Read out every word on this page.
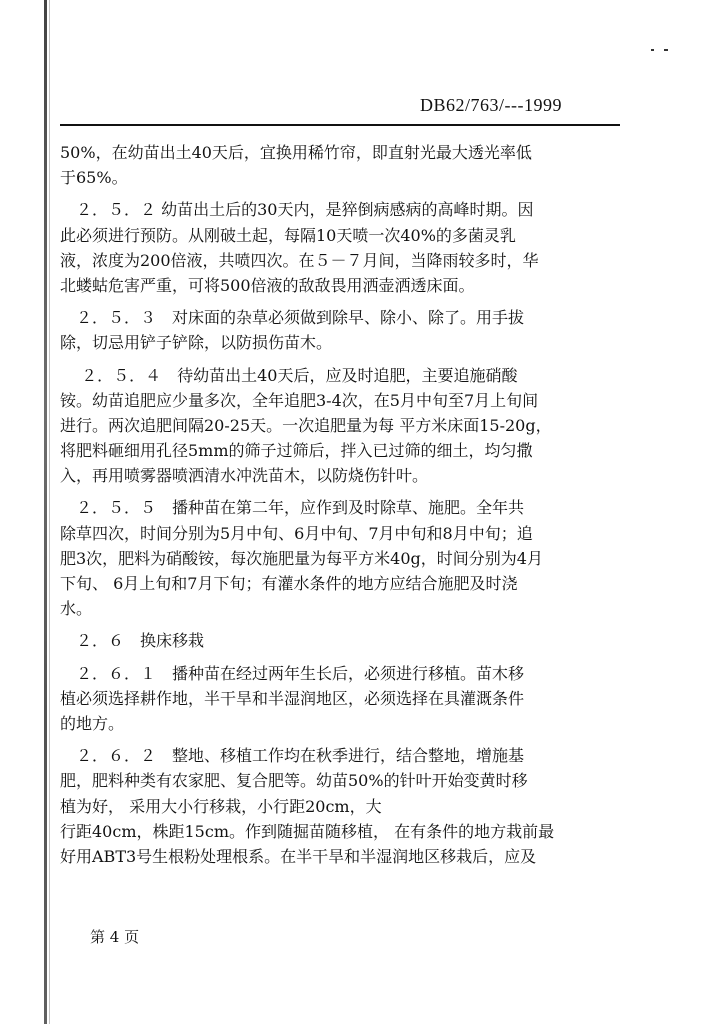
DB62/763/---1999
50%，在幼苗出土40天后，宜换用稀竹帘，即直射光最大透光率低
于65%。
　２．５．２ 幼苗出土后的30天内，是猝倒病感病的高峰时期。因
此必须进行预防。从刚破土起，每隔10天喷一次40%的多菌灵乳
液，浓度为200倍液，共喷四次。在５－７月间，当降雨较多时，华
北蝼蛄危害严重，可将500倍液的敌敌畏用洒壶洒透床面。
　２．５．３　对床面的杂草必须做到除早、除小、除了。用手拔
除，切忌用铲子铲除，以防损伤苗木。
　 ２．５．４　待幼苗出土40天后，应及时追肥，主要追施硝酸
铵。幼苗追肥应少量多次，全年追肥3-4次，在5月中旬至7月上旬间
进行。两次追肥间隔20-25天。一次追肥量为每 平方米床面15-20g，
将肥料砸细用孔径5mm的筛子过筛后，拌入已过筛的细土，均匀撒
入，再用喷雾器喷洒清水冲洗苗木，以防烧伤针叶。
　２．５．５　播种苗在第二年，应作到及时除草、施肥。全年共
除草四次，时间分别为5月中旬、6月中旬、7月中旬和8月中旬；追
肥3次，肥料为硝酸铵，每次施肥量为每平方米40g，时间分别为4月
下旬、 6月上旬和7月下旬；有灌水条件的地方应结合施肥及时浇
水。
　２．６　换床移栽
　２．６．１　播种苗在经过两年生长后，必须进行移植。苗木移
植必须选择耕作地，半干旱和半湿润地区，必须选择在具灌溉条件
的地方。
　２．６．２　整地、移植工作均在秋季进行，结合整地，增施基
肥，肥料种类有农家肥、复合肥等。幼苗50%的针叶开始变黄时移
植为好， 采用大小行移栽，小行距20cm，大
行距40cm，株距15cm。作到随掘苗随移植， 在有条件的地方栽前最
好用ABT3号生根粉处理根系。在半干旱和半湿润地区移栽后，应及
第 4 页
